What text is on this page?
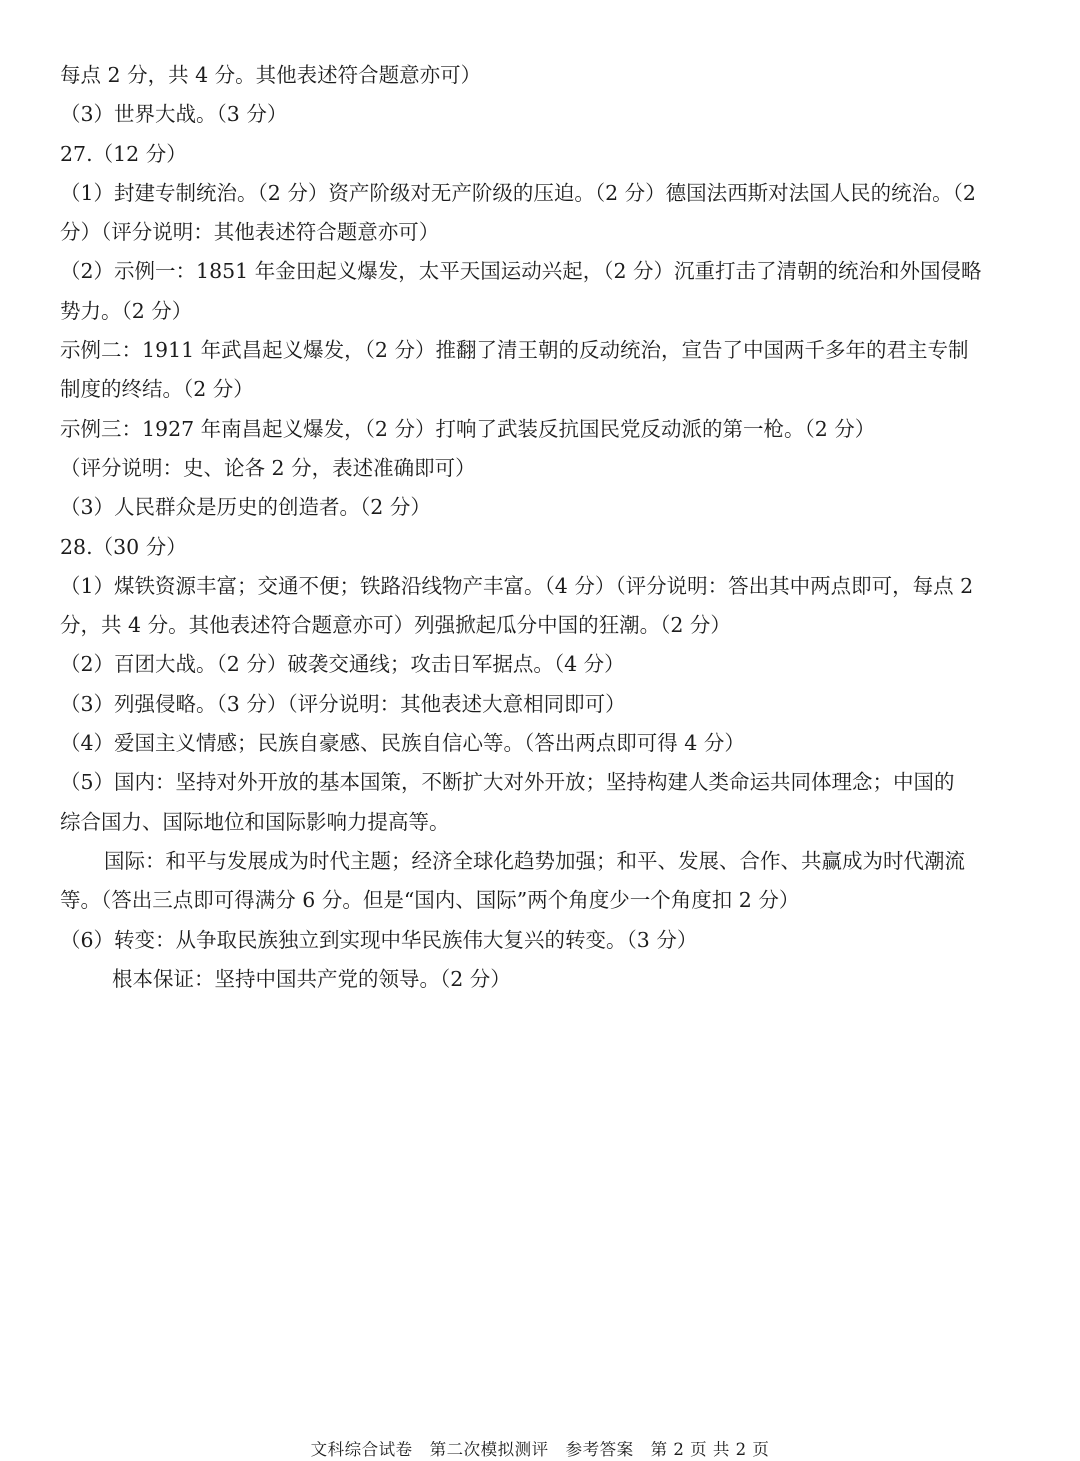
每点 2 分，共 4 分。其他表述符合题意亦可）
（3）世界大战。（3 分）
27.（12 分）
（1）封建专制统治。（2 分）资产阶级对无产阶级的压迫。（2 分）德国法西斯对法国人民的统治。（2
分）（评分说明：其他表述符合题意亦可）
（2）示例一：1851 年金田起义爆发，太平天国运动兴起，（2 分）沉重打击了清朝的统治和外国侵略
势力。（2 分）
示例二：1911 年武昌起义爆发，（2 分）推翻了清王朝的反动统治，宣告了中国两千多年的君主专制
制度的终结。（2 分）
示例三：1927 年南昌起义爆发，（2 分）打响了武装反抗国民党反动派的第一枪。（2 分）
（评分说明：史、论各 2 分，表述准确即可）
（3）人民群众是历史的创造者。（2 分）
28.（30 分）
（1）煤铁资源丰富；交通不便；铁路沿线物产丰富。（4 分）（评分说明：答出其中两点即可，每点 2
分，共 4 分。其他表述符合题意亦可）列强掀起瓜分中国的狂潮。（2 分）
（2）百团大战。（2 分）破袭交通线；攻击日军据点。（4 分）
（3）列强侵略。（3 分）（评分说明：其他表述大意相同即可）
（4）爱国主义情感；民族自豪感、民族自信心等。（答出两点即可得 4 分）
（5）国内：坚持对外开放的基本国策，不断扩大对外开放；坚持构建人类命运共同体理念；中国的
综合国力、国际地位和国际影响力提高等。
国际：和平与发展成为时代主题；经济全球化趋势加强；和平、发展、合作、共赢成为时代潮流
等。（答出三点即可得满分 6 分。但是“国内、国际”两个角度少一个角度扣 2 分）
（6）转变：从争取民族独立到实现中华民族伟大复兴的转变。（3 分）
根本保证：坚持中国共产党的领导。（2 分）
文科综合试卷　第二次模拟测评　参考答案　第 2 页 共 2 页
